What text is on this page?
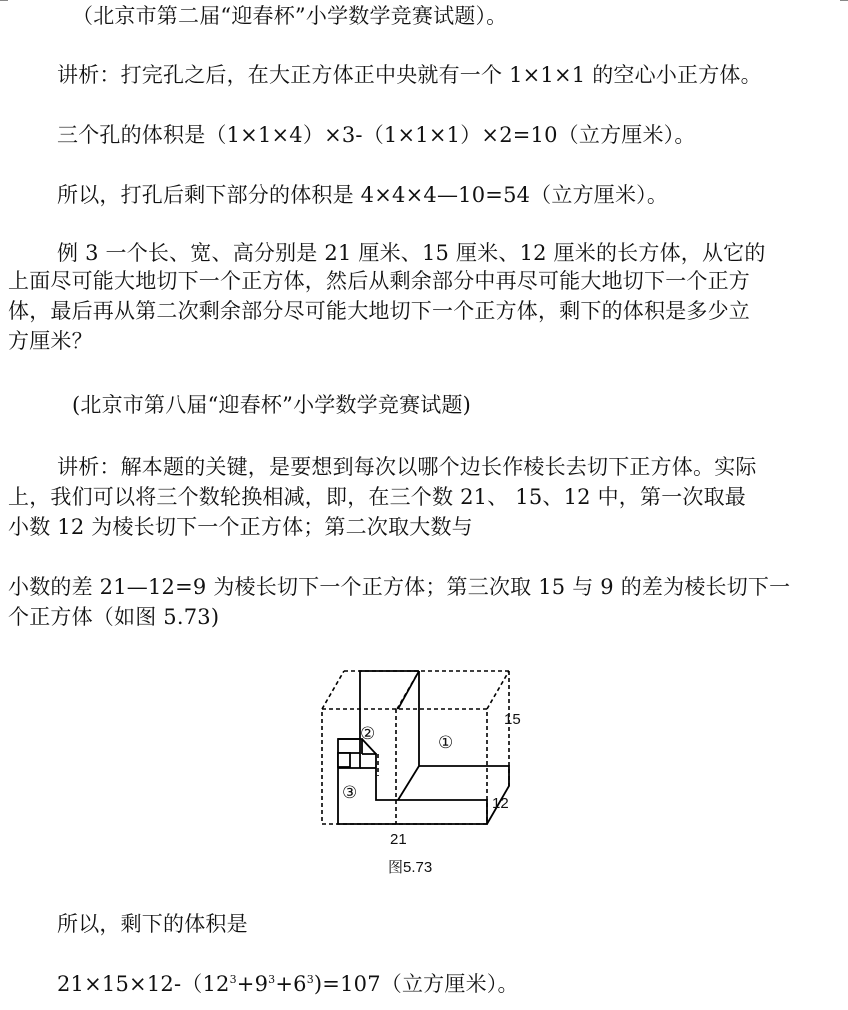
（北京市第二届“迎春杯”小学数学竞赛试题）。
讲析：打完孔之后，在大正方体正中央就有一个 1×1×1 的空心小正方体。
三个孔的体积是（1×1×4）×3-（1×1×1）×2=10（立方厘米）。
所以，打孔后剩下部分的体积是 4×4×4—10=54（立方厘米）。
例 3 一个长、宽、高分别是 21 厘米、15 厘米、12 厘米的长方体，从它的
上面尽可能大地切下一个正方体，然后从剩余部分中再尽可能大地切下一个正方
体，最后再从第二次剩余部分尽可能大地切下一个正方体，剩下的体积是多少立
方厘米？
(北京市第八届“迎春杯”小学数学竞赛试题)
讲析：解本题的关键，是要想到每次以哪个边长作棱长去切下正方体。实际
上，我们可以将三个数轮换相减，即，在三个数 21、 15、12 中，第一次取最
小数 12 为棱长切下一个正方体；第二次取大数与
小数的差 21—12=9 为棱长切下一个正方体；第三次取 15 与 9 的差为棱长切下一
个正方体（如图 5.73)
15
12
21
①
②
③
图5.73
所以，剩下的体积是
$21\times 15\times 12-(12^3+9^3+6^3)=107$（立方厘米）。
